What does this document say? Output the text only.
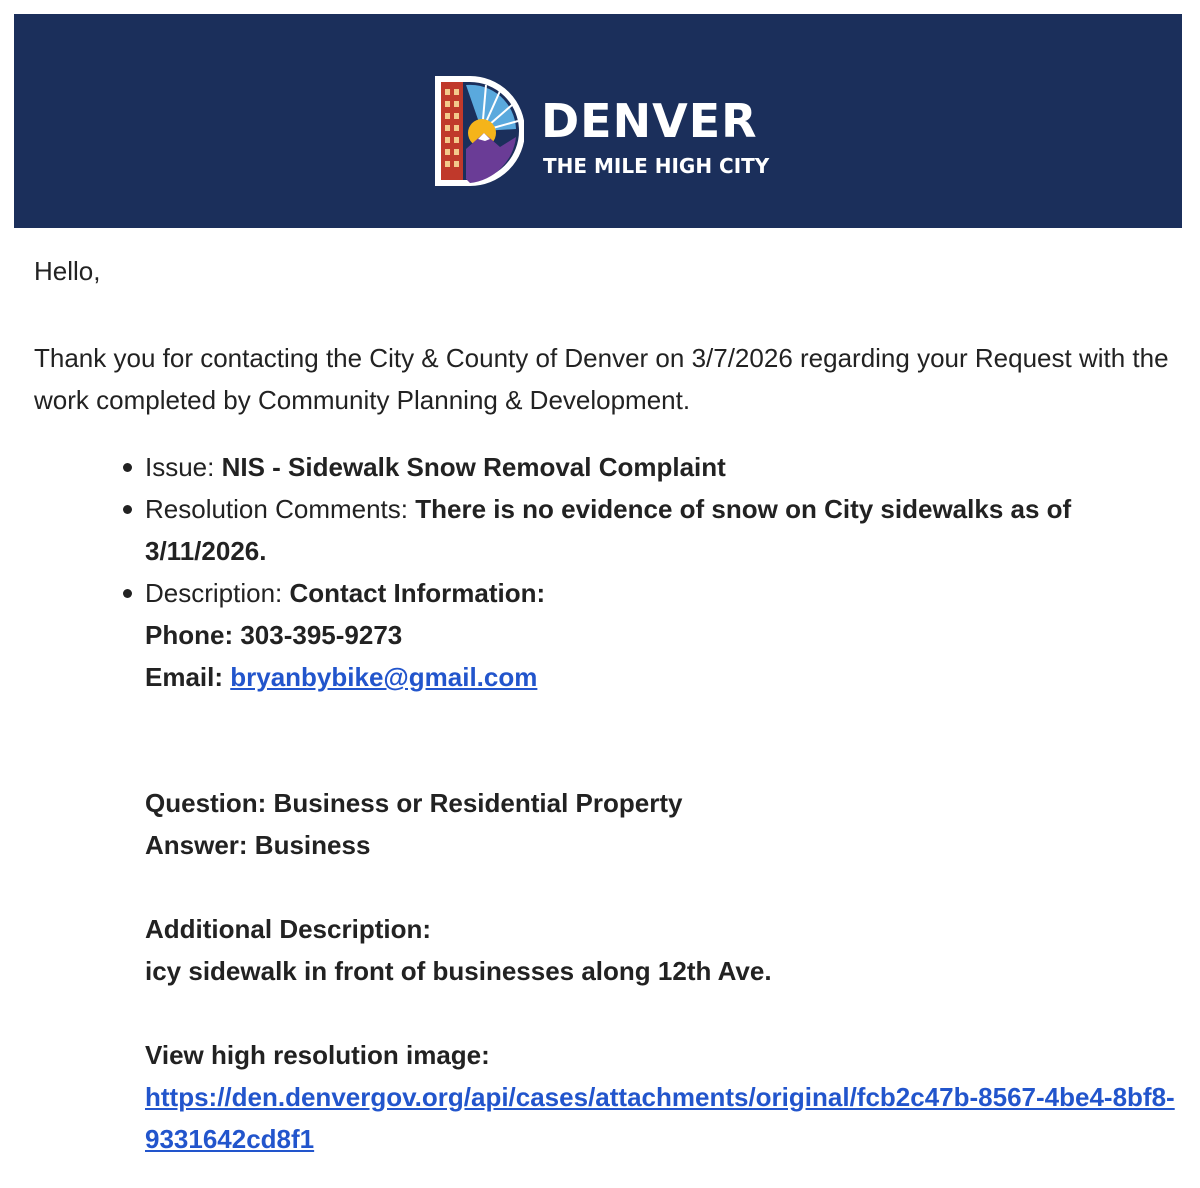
DENVER
THE MILE HIGH CITY

Hello,

Thank you for contacting the City & County of Denver on 3/7/2026 regarding your Request with the work completed by Community Planning & Development.

Issue: NIS - Sidewalk Snow Removal Complaint
Resolution Comments: There is no evidence of snow on City sidewalks as of 3/11/2026.
Description: Contact Information:
Phone: 303-395-9273
Email: bryanbybike@gmail.com
Question: Business or Residential Property
Answer: Business
Additional Description:
icy sidewalk in front of businesses along 12th Ave.
View high resolution image:
https://den.denvergov.org/api/cases/attachments/original/fcb2c47b-8567-4be4-8bf8-9331642cd8f1
